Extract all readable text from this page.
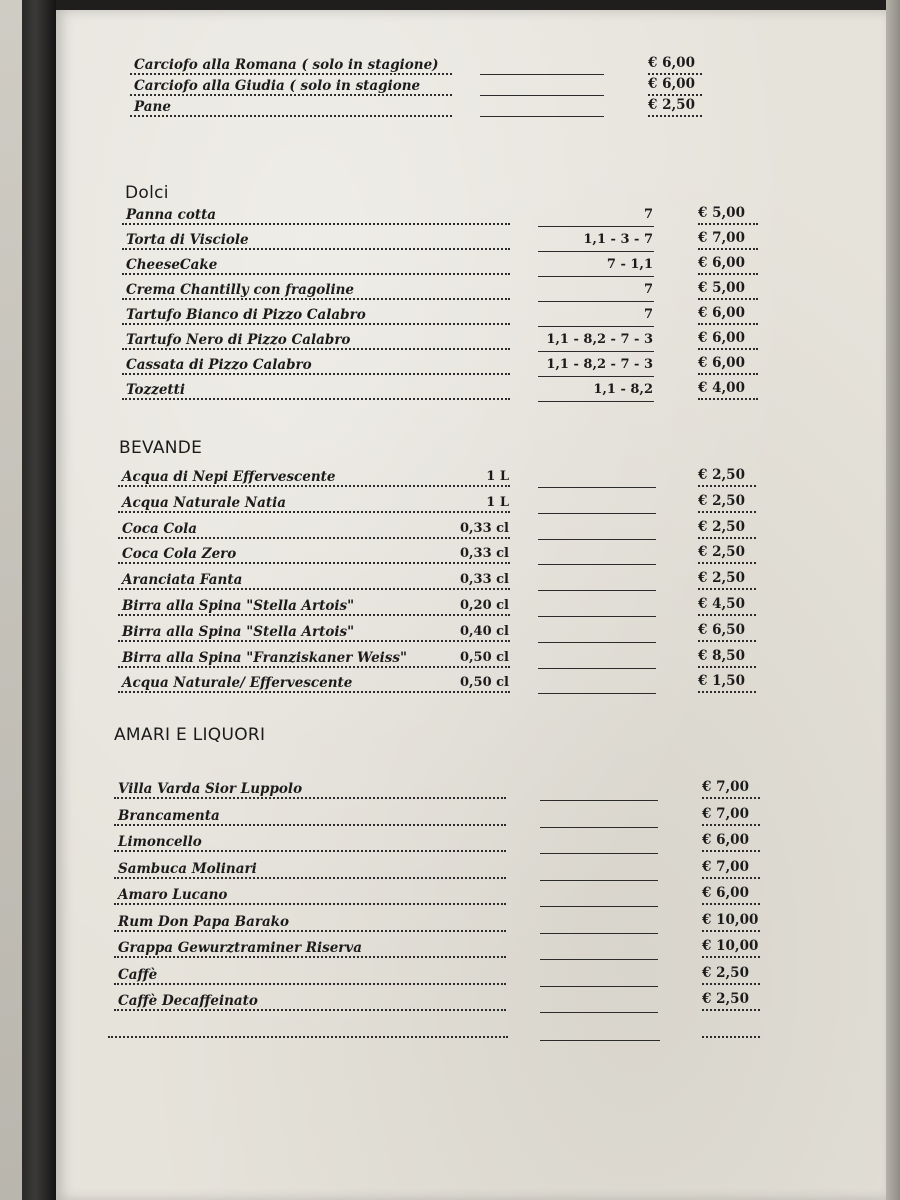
Carciofo alla Romana ( solo in stagione)	€ 6,00
Carciofo alla Giudia ( solo in stagione	€ 6,00
Pane	€ 2,50
Dolci
Panna cotta	7	€ 5,00
Torta di Visciole	1,1 - 3 - 7	€ 7,00
CheeseCake	7 - 1,1	€ 6,00
Crema Chantilly con fragoline	7	€ 5,00
Tartufo Bianco di Pizzo Calabro	7	€ 6,00
Tartufo Nero di Pizzo Calabro	1,1 - 8,2 - 7 - 3	€ 6,00
Cassata di Pizzo Calabro	1,1 - 8,2 - 7 - 3	€ 6,00
Tozzetti	1,1 - 8,2	€ 4,00
BEVANDE
Acqua di Nepi Effervescente	1 L	€ 2,50
Acqua Naturale Natia	1 L	€ 2,50
Coca Cola	0,33 cl	€ 2,50
Coca Cola Zero	0,33 cl	€ 2,50
Aranciata Fanta	0,33 cl	€ 2,50
Birra alla Spina "Stella Artois"	0,20 cl	€ 4,50
Birra alla Spina "Stella Artois"	0,40 cl	€ 6,50
Birra alla Spina "Franziskaner Weiss"	0,50 cl	€ 8,50
Acqua Naturale/ Effervescente	0,50 cl	€ 1,50
AMARI E LIQUORI
Villa Varda Sior Luppolo	€ 7,00
Brancamenta	€ 7,00
Limoncello	€ 6,00
Sambuca Molinari	€ 7,00
Amaro Lucano	€ 6,00
Rum Don Papa Barako	€ 10,00
Grappa Gewurztraminer Riserva	€ 10,00
Caffè	€ 2,50
Caffè Decaffeinato	€ 2,50
